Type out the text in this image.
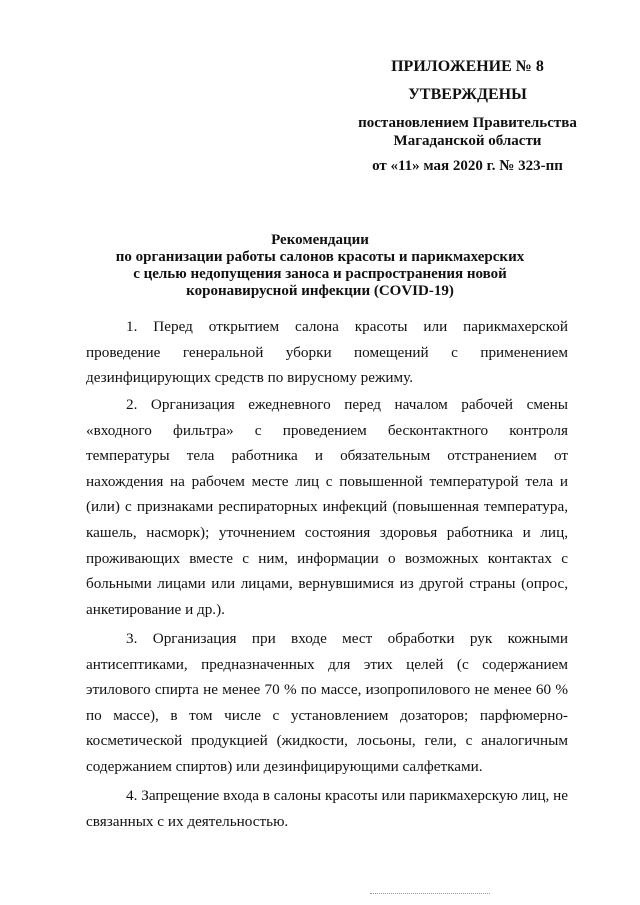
ПРИЛОЖЕНИЕ № 8
УТВЕРЖДЕНЫ
постановлением Правительства Магаданской области
от «11» мая 2020 г. № 323-пп
Рекомендации
по организации работы салонов красоты и парикмахерских
с целью недопущения заноса и распространения новой
коронавирусной инфекции (COVID-19)

1. Перед открытием салона красоты или парикмахерской проведение генеральной уборки помещений с применением дезинфицирующих средств по вирусному режиму.

2. Организация ежедневного перед началом рабочей смены «входного фильтра» с проведением бесконтактного контроля температуры тела работника и обязательным отстранением от нахождения на рабочем месте лиц с повышенной температурой тела и (или) с признаками респираторных инфекций (повышенная температура, кашель, насморк); уточнением состояния здоровья работника и лиц, проживающих вместе с ним, информации о возможных контактах с больными лицами или лицами, вернувшимися из другой страны (опрос, анкетирование и др.).

3. Организация при входе мест обработки рук кожными антисептиками, предназначенных для этих целей (с содержанием этилового спирта не менее 70 % по массе, изопропилового не менее 60 % по массе), в том числе с установлением дозаторов; парфюмерно-косметической продукцией (жидкости, лосьоны, гели, с аналогичным содержанием спиртов) или дезинфицирующими салфетками.

4. Запрещение входа в салоны красоты или парикмахерскую лиц, не связанных с их деятельностью.
